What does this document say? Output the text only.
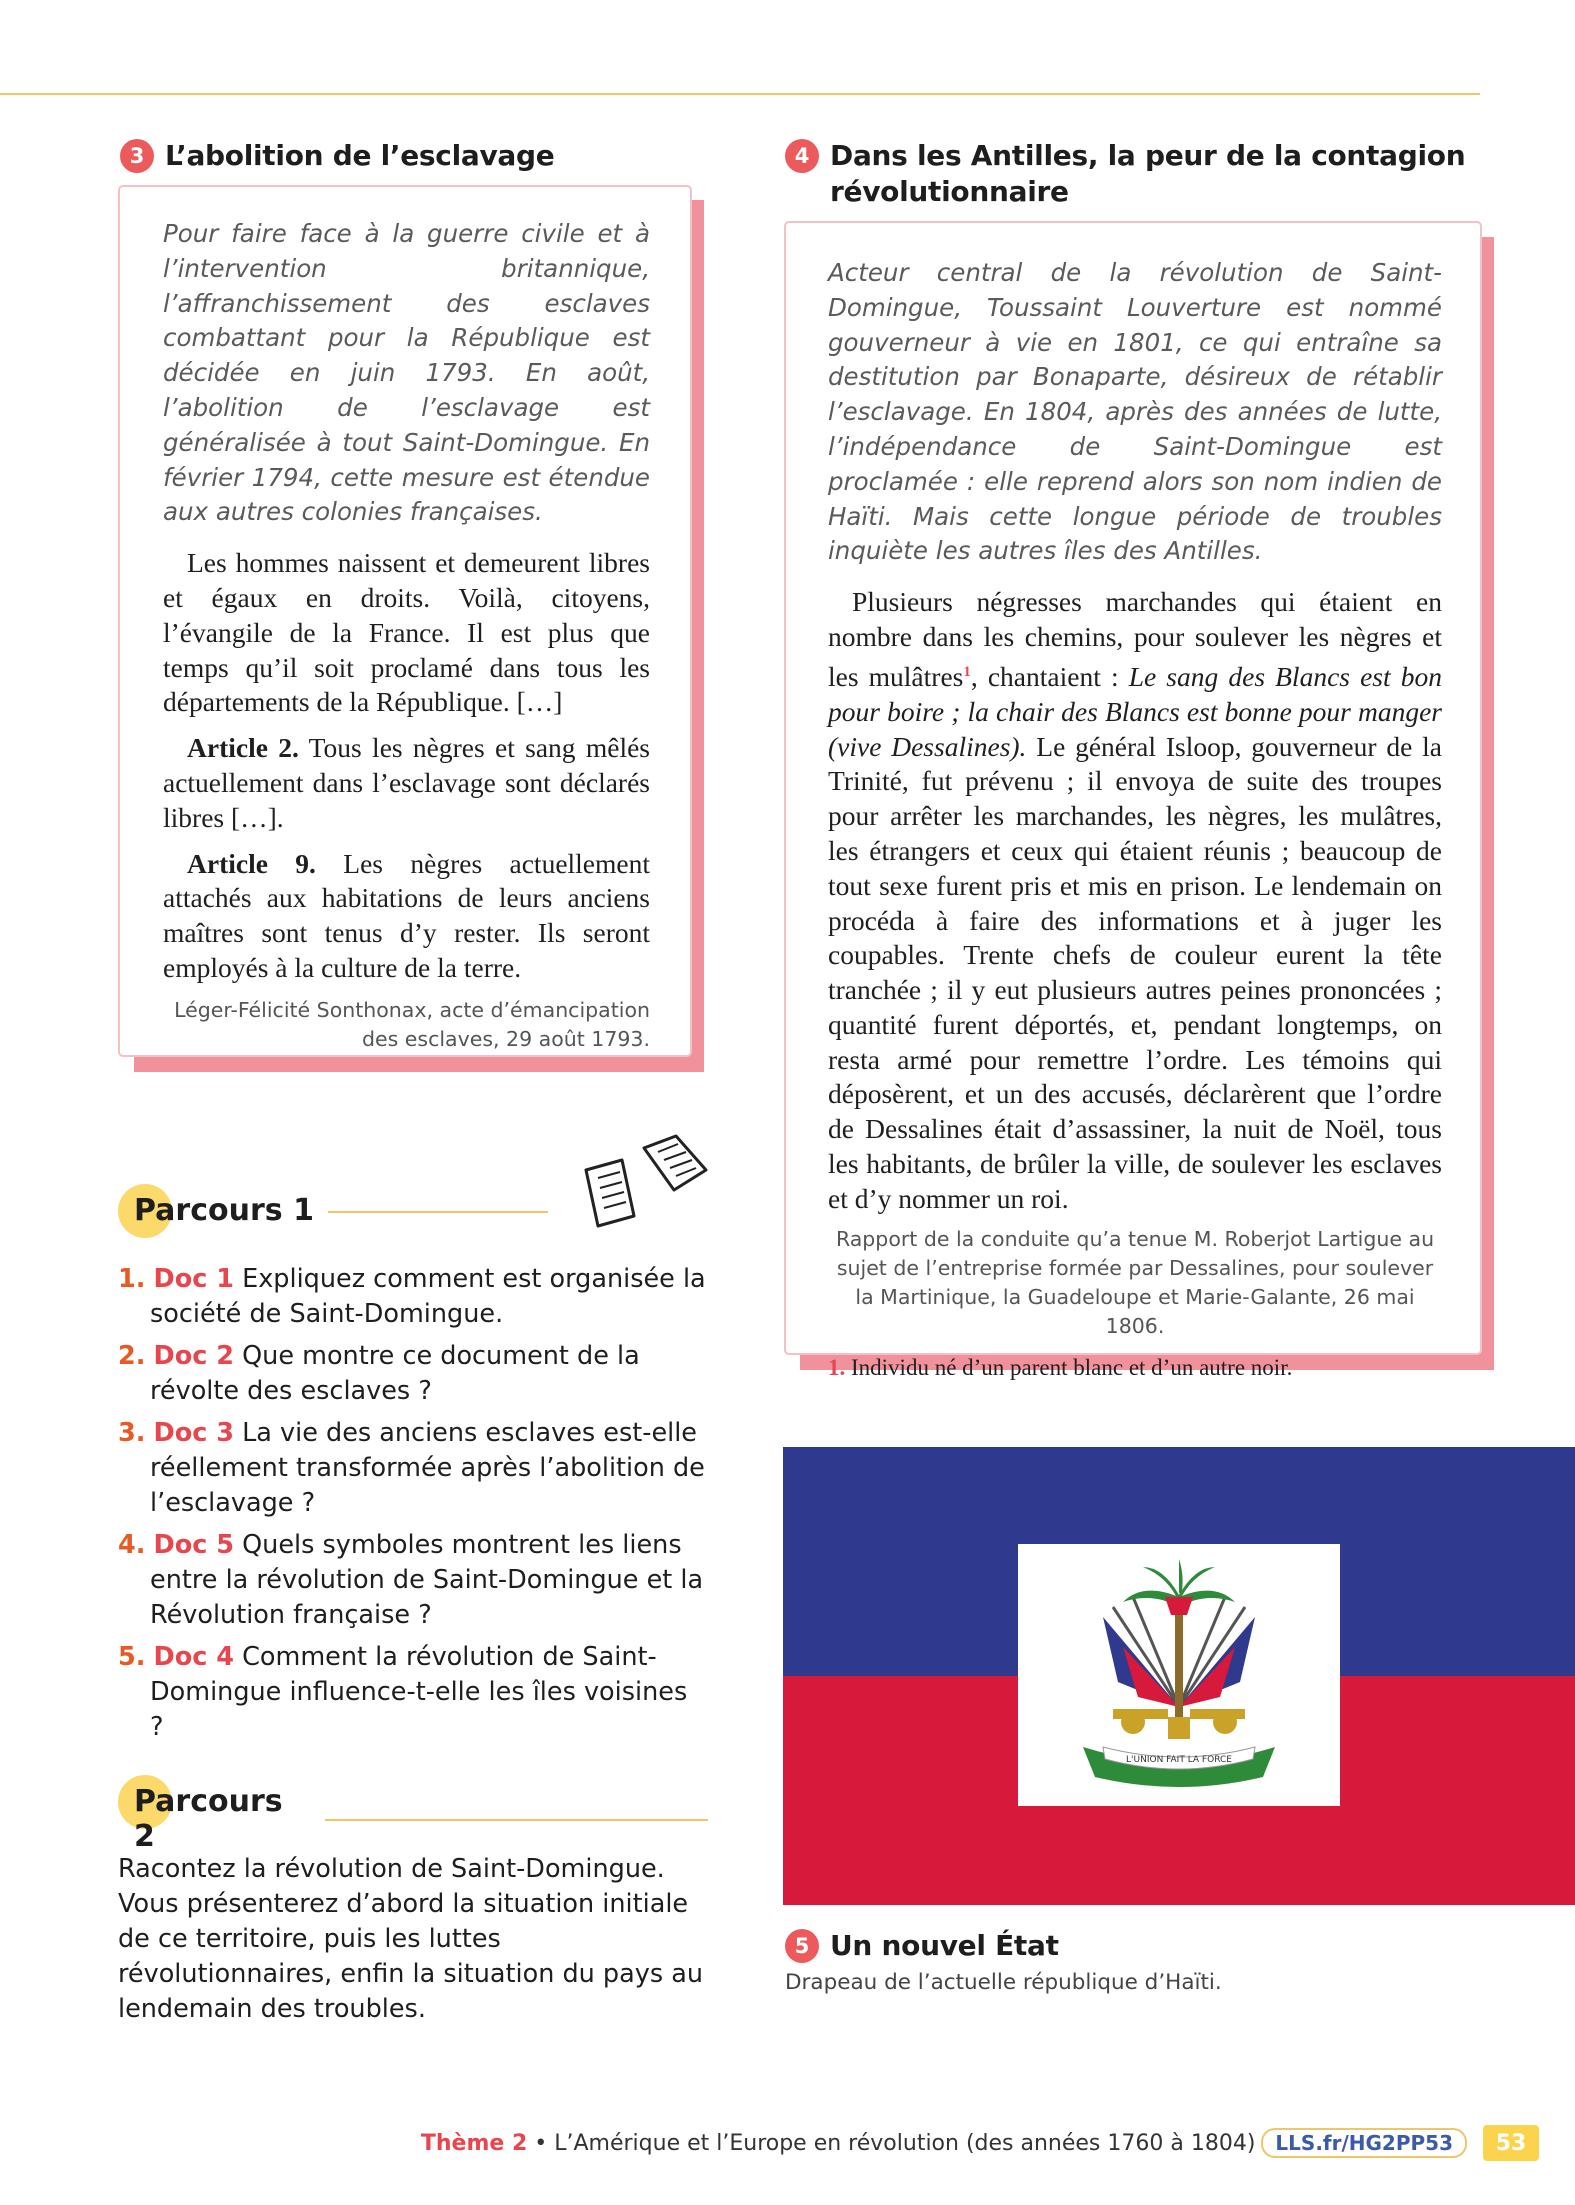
3 L’abolition de l’esclavage

Pour faire face à la guerre civile et à l’intervention britannique, l’affranchissement des esclaves combattant pour la République est décidée en juin 1793. En août, l’abolition de l’esclavage est généralisée à tout Saint-Domingue. En février 1794, cette mesure est étendue aux autres colonies françaises.

Les hommes naissent et demeurent libres et égaux en droits. Voilà, citoyens, l’évangile de la France. Il est plus que temps qu’il soit proclamé dans tous les départements de la République. […]

Article 2. Tous les nègres et sang mêlés actuellement dans l’esclavage sont déclarés libres […].

Article 9. Les nègres actuellement attachés aux habitations de leurs anciens maîtres sont tenus d’y rester. Ils seront employés à la culture de la terre.

Léger-Félicité Sonthonax, acte d’émancipation
des esclaves, 29 août 1793.

4 Dans les Antilles, la peur de la contagion
révolutionnaire

Acteur central de la révolution de Saint-Domingue, Toussaint Louverture est nommé gouverneur à vie en 1801, ce qui entraîne sa destitution par Bonaparte, désireux de rétablir l’esclavage. En 1804, après des années de lutte, l’indépendance de Saint-Domingue est proclamée : elle reprend alors son nom indien de Haïti. Mais cette longue période de troubles inquiète les autres îles des Antilles.

Plusieurs négresses marchandes qui étaient en nombre dans les chemins, pour soulever les nègres et les mulâtres$^1$, chantaient : Le sang des Blancs est bon pour boire ; la chair des Blancs est bonne pour manger (vive Dessalines). Le général Isloop, gouverneur de la Trinité, fut prévenu ; il envoya de suite des troupes pour arrêter les marchandes, les nègres, les mulâtres, les étrangers et ceux qui étaient réunis ; beaucoup de tout sexe furent pris et mis en prison. Le lendemain on procéda à faire des informations et à juger les coupables. Trente chefs de couleur eurent la tête tranchée ; il y eut plusieurs autres peines prononcées ; quantité furent déportés, et, pendant longtemps, on resta armé pour remettre l’ordre. Les témoins qui déposèrent, et un des accusés, déclarèrent que l’ordre de Dessalines était d’assassiner, la nuit de Noël, tous les habitants, de brûler la ville, de soulever les esclaves et d’y nommer un roi.

Rapport de la conduite qu’a tenue M. Roberjot Lartigue au
sujet de l’entreprise formée par Dessalines, pour soulever
la Martinique, la Guadeloupe et Marie-Galante, 26 mai 1806.

1. Individu né d’un parent blanc et d’un autre noir.

Parcours 1
1. Doc 1 Expliquez comment est organisée la société de Saint-Domingue.
2. Doc 2 Que montre ce document de la révolte des esclaves ?
3. Doc 3 La vie des anciens esclaves est-elle réellement transformée après l’abolition de l’esclavage ?
4. Doc 5 Quels symboles montrent les liens entre la révolution de Saint-Domingue et la Révolution française ?
5. Doc 4 Comment la révolution de Saint-Domingue influence-t-elle les îles voisines ?
Parcours 2

Racontez la révolution de Saint-Domingue. Vous présenterez d’abord la situation initiale de ce territoire, puis les luttes révolutionnaires, enfin la situation du pays au lendemain des troubles.

L'UNION FAIT LA FORCE
5 Un nouvel État
Drapeau de l’actuelle république d’Haïti.
Thème 2 • L’Amérique et l’Europe en révolution (des années 1760 à 1804)	LLS.fr/HG2PP53	53
